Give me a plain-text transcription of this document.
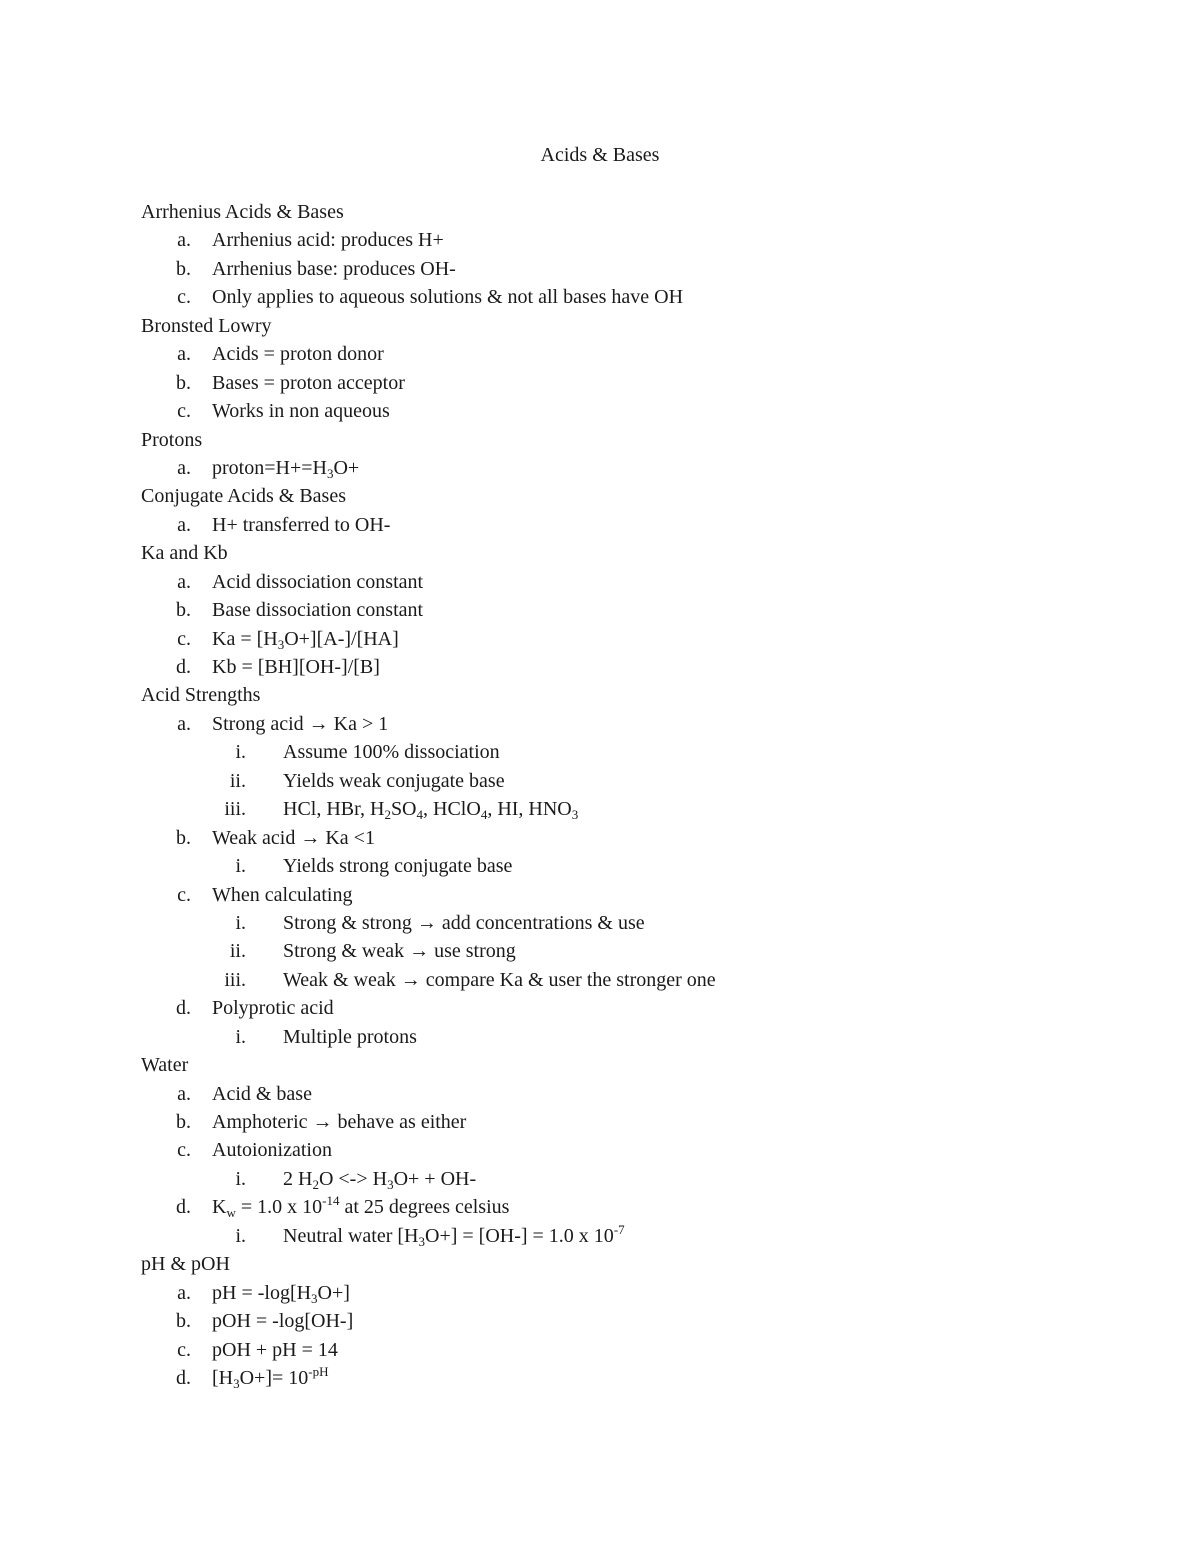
Acids & Bases
Arrhenius Acids & Bases
a. Arrhenius acid: produces H+
b. Arrhenius base: produces OH-
c. Only applies to aqueous solutions & not all bases have OH
Bronsted Lowry
a. Acids = proton donor
b. Bases = proton acceptor
c. Works in non aqueous
Protons
a. $proton=H+=H_3O+$
Conjugate Acids & Bases
a. H+ transferred to OH-
Ka and Kb
a. Acid dissociation constant
b. Base dissociation constant
c. $Ka = [H_3O+][A-]/[HA]$
d. Kb = [BH][OH-]/[B]
Acid Strengths
a. Strong acid → Ka > 1
i. Assume 100% dissociation
ii. Yields weak conjugate base
iii. HCl, HBr, $H_2SO_4$, HClO$_4$, HI, $HNO_3$
b. Weak acid → Ka <1
i. Yields strong conjugate base
c. When calculating
i. Strong & strong → add concentrations & use
ii. Strong & weak → use strong
iii. Weak & weak → compare Ka & user the stronger one
d. Polyprotic acid
i. Multiple protons
Water
a. Acid & base
b. Amphoteric → behave as either
c. Autoionization
i. 2 $H_2O$ <-> $H_3O+ + OH-$
d. $K_w = 1.0$ x $10^{-14}$ at 25 degrees celsius
i. Neutral water $[H_3O+] = [OH-] = 1.0$ x $10^{-7}$
pH & pOH
a. pH = $-\log[H_3O+]$
b. pOH = -log[OH-]
c. pOH + pH = 14
d. $[H_3O+]= 10^{-pH}$
